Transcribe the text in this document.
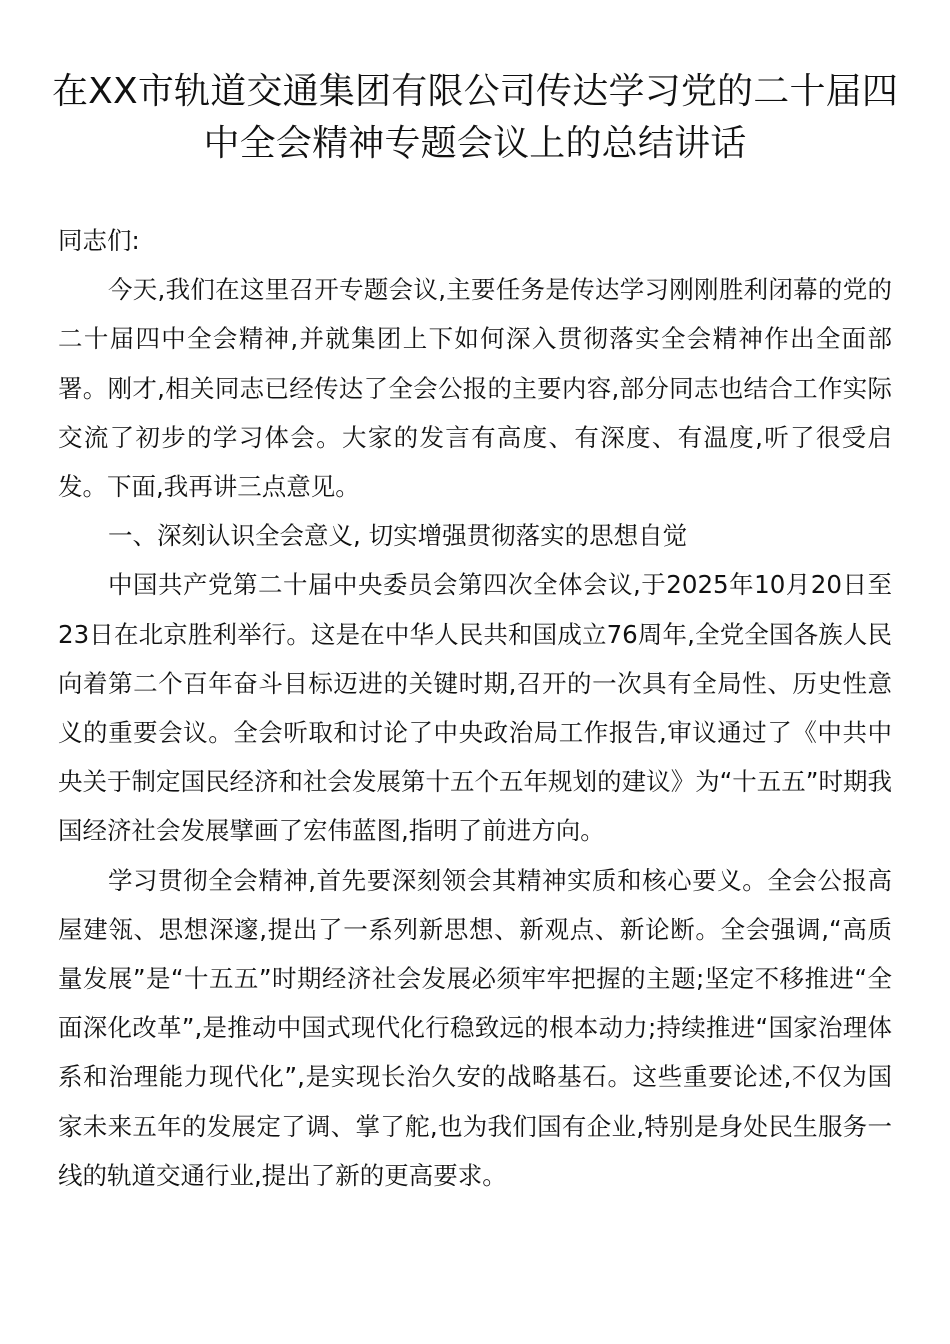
在XX市轨道交通集团有限公司传达学习党的二十届四中全会精神专题会议上的总结讲话

同志们:

今天,我们在这里召开专题会议,主要任务是传达学习刚刚胜利闭幕的党的二十届四中全会精神,并就集团上下如何深入贯彻落实全会精神作出全面部署。刚才,相关同志已经传达了全会公报的主要内容,部分同志也结合工作实际交流了初步的学习体会。大家的发言有高度、有深度、有温度,听了很受启发。下面,我再讲三点意见。

一、深刻认识全会意义, 切实增强贯彻落实的思想自觉

中国共产党第二十届中央委员会第四次全体会议,于2025年10月20日至23日在北京胜利举行。这是在中华人民共和国成立76周年,全党全国各族人民向着第二个百年奋斗目标迈进的关键时期,召开的一次具有全局性、历史性意义的重要会议。全会听取和讨论了中央政治局工作报告,审议通过了《中共中央关于制定国民经济和社会发展第十五个五年规划的建议》为“十五五”时期我国经济社会发展擘画了宏伟蓝图,指明了前进方向。

学习贯彻全会精神,首先要深刻领会其精神实质和核心要义。全会公报高屋建瓴、思想深邃,提出了一系列新思想、新观点、新论断。全会强调,“高质量发展”是“十五五”时期经济社会发展必须牢牢把握的主题;坚定不移推进“全面深化改革”,是推动中国式现代化行稳致远的根本动力;持续推进“国家治理体系和治理能力现代化”,是实现长治久安的战略基石。这些重要论述,不仅为国家未来五年的发展定了调、掌了舵,也为我们国有企业,特别是身处民生服务一线的轨道交通行业,提出了新的更高要求。
